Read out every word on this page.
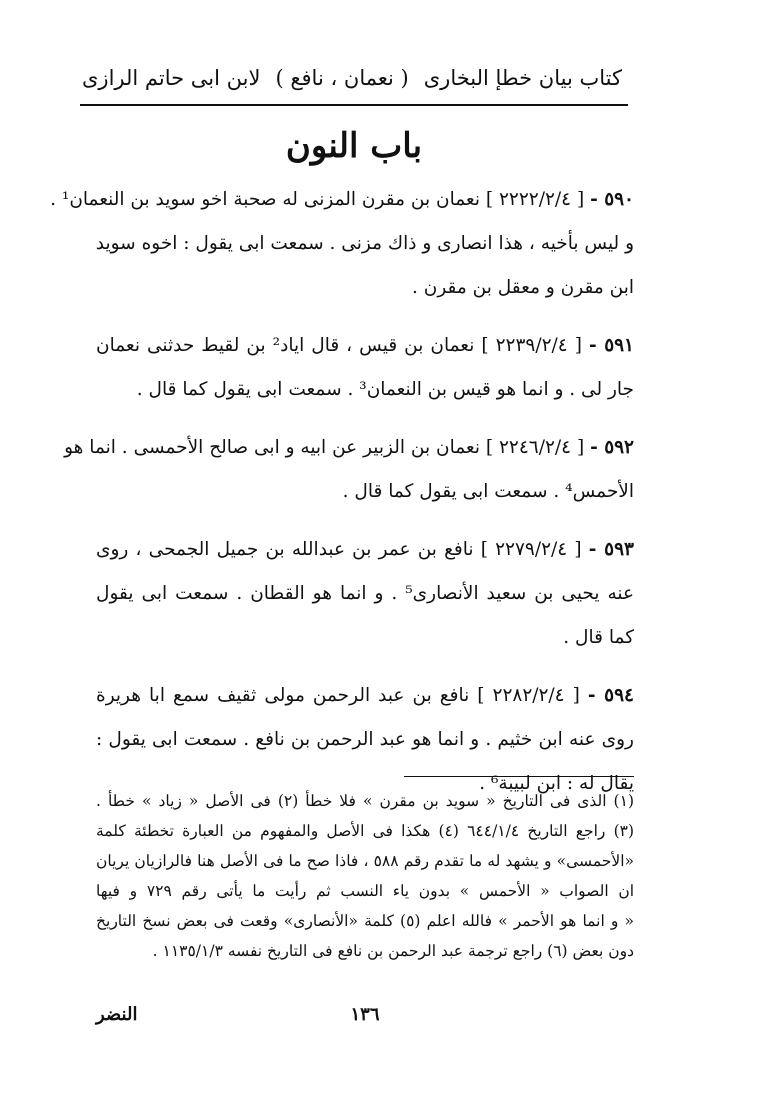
كتاب بيان خطإ البخارى
( نعمان ، نافع )
لابن ابى حاتم الرازى
باب النون
٥٩٠ - [ ٢٢٢٢/٢/٤ ] نعمان بن مقرن المزنى له صحبة اخو سويد بن النعمان¹ .
و ليس بأخيه ، هذا انصارى و ذاك مزنى . سمعت ابى يقول : اخوه سويد
ابن مقرن و معقل بن مقرن .
٥٩١ - [ ٢٢٣٩/٢/٤ ] نعمان بن قيس ، قال اياد² بن لقيط حدثنى نعمان
جار لى . و انما هو قيس بن النعمان³ . سمعت ابى يقول كما قال .
٥٩٢ - [ ٢٢٤٦/٢/٤ ] نعمان بن الزبير عن ابيه و ابى صالح الأحمسى . انما هو
الأحمس⁴ . سمعت ابى يقول كما قال .
٥٩٣ - [ ٢٢٧٩/٢/٤ ] نافع بن عمر بن عبدالله بن جميل الجمحى ، روى
عنه يحيى بن سعيد الأنصارى⁵ . و انما هو القطان . سمعت ابى يقول
كما قال .
٥٩٤ - [ ٢٢٨٢/٢/٤ ] نافع بن عبد الرحمن مولى ثقيف سمع ابا هريرة
روى عنه ابن خثيم . و انما هو عبد الرحمن بن نافع . سمعت ابى يقول :
يقال له : ابن لبيبة⁶ .
(١) الذى فى التاريخ « سويد بن مقرن » فلا خطأ (٢) فى الأصل « زياد » خطأ .
(٣) راجع التاريخ ٦٤٤/١/٤ (٤) هكذا فى الأصل والمفهوم من العبارة تخطئة كلمة
«الأحمسى» و يشهد له ما تقدم رقم ٥٨٨ ، فاذا صح ما فى الأصل هنا فالرازيان يريان
ان الصواب « الأحمس » بدون ياء النسب ثم رأيت ما يأتى رقم ٧٢٩ و فيها
« و انما هو الأحمر » فالله اعلم (٥) كلمة «الأنصارى» وقعت فى بعض نسخ التاريخ
دون بعض (٦) راجع ترجمة عبد الرحمن بن نافع فى التاريخ نفسه ١١٣٥/١/٣ .
١٣٦
النضر
